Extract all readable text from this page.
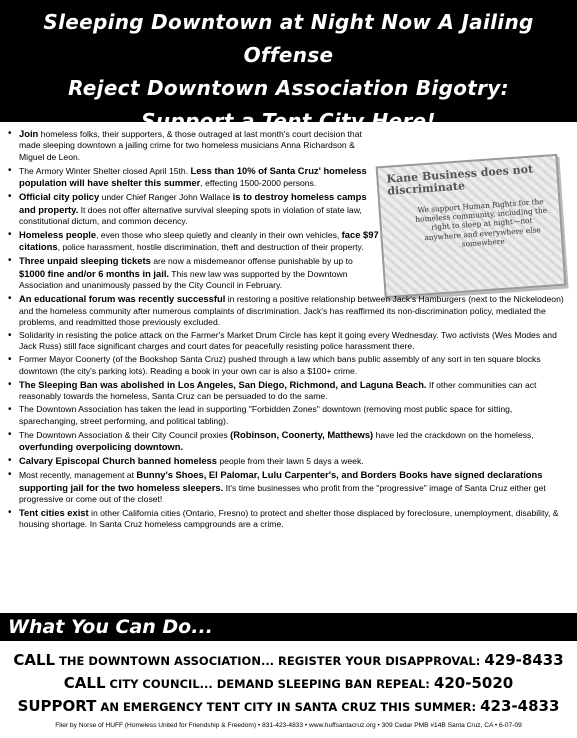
Sleeping Downtown at Night Now A Jailing Offense
Reject Downtown Association Bigotry:
Support a Tent City Here!
Kane Business does not discriminate
We support Human Rights for the homeless community, including the right to sleep at night—not anywhere and everywhere else somewhere
• Join homeless folks, their supporters, & those outraged at last month's court decision that made sleeping downtown a jailing crime for two homeless musicians Anna Richardson & Miguel de Leon.
• The Armory Winter Shelter closed April 15th. Less than 10% of Santa Cruz' homeless population will have shelter this summer, effecting 1500-2000 persons.
• Official city policy under Chief Ranger John Wallace is to destroy homeless camps and property. It does not offer alternative survival sleeping spots in violation of state law, constitutional dictum, and common decency.
• Homeless people, even those who sleep quietly and cleanly in their own vehicles, face $97 citations, police harassment, hostile discrimination, theft and destruction of their property.
• Three unpaid sleeping tickets are now a misdemeanor offense punishable by up to $1000 fine and/or 6 months in jail. This new law was supported by the Downtown Association and unanimously passed by the City Council in February.
• An educational forum was recently successful in restoring a positive relationship between Jack's Hamburgers (next to the Nickelodeon) and the homeless community after numerous complaints of discrimination. Jack's has reaffirmed its non-discrimination policy, mediated the problems, and readmitted those previously excluded.
• Solidarity in resisting the police attack on the Farmer's Market Drum Circle has kept it going every Wednesday. Two activists (Wes Modes and Jack Russ) still face significant charges and court dates for peacefully resisting police harassment there.
• Former Mayor Coonerty (of the Bookshop Santa Cruz) pushed through a law which bans public assembly of any sort in ten square blocks downtown (the city's parking lots). Reading a book in your own car is also a $100+ crime.
• The Sleeping Ban was abolished in Los Angeles, San Diego, Richmond, and Laguna Beach. If other communities can act reasonably towards the homeless, Santa Cruz can be persuaded to do the same.
• The Downtown Association has taken the lead in supporting "Forbidden Zones" downtown (removing most public space for sitting, sparechanging, street performing, and political tabling).
• The Downtown Association & their City Council proxies (Robinson, Coonerty, Matthews) have led the crackdown on the homeless, overfunding overpolicing downtown.
• Calvary Episcopal Church banned homeless people from their lawn 5 days a week.
• Most recently, management at Bunny's Shoes, El Palomar, Lulu Carpenter's, and Borders Books have signed declarations supporting jail for the two homeless sleepers. It's time businesses who profit from the "progressive" image of Santa Cruz either get progressive or come out of the closet!
• Tent cities exist in other California cities (Ontario, Fresno) to protect and shelter those displaced by foreclosure, unemployment, disability, & housing shortage. In Santa Cruz homeless campgrounds are a crime.
What You Can Do...
CALL THE DOWNTOWN ASSOCIATION... REGISTER YOUR DISAPPROVAL: 429-8433
CALL CITY COUNCIL... DEMAND SLEEPING BAN REPEAL: 420-5020
SUPPORT AN EMERGENCY TENT CITY IN SANTA CRUZ THIS SUMMER: 423-4833
Flier by Norse of HUFF (Homeless United for Friendship & Freedom) • 831-423-4833 • www.huffsantacruz.org • 309 Cedar PMB #14B Santa Cruz, CA • 6-07-09
